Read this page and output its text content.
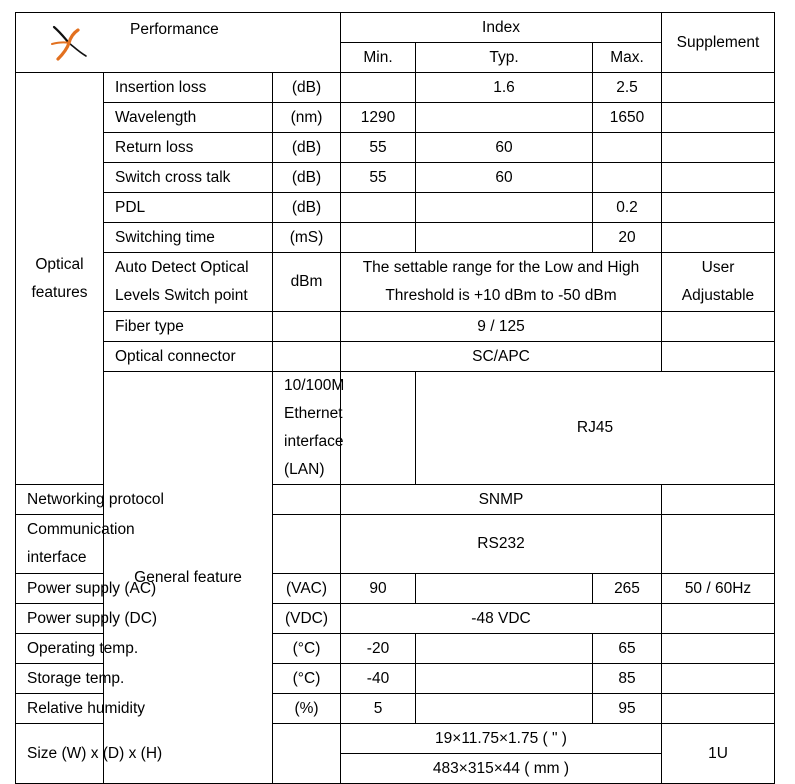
Performance			Index			Supplement	
			Min.	Typ.	Max.		
Optical features	Insertion loss	(dB)		1.6	2.5		
	Wavelength	(nm)	1290		1650		
	Return loss	(dB)	55	60			
	Switch cross talk	(dB)	55	60			
	PDL	(dB)			0.2		
	Switching time	(mS)			20		
	Auto Detect Optical Levels Switch point	dBm	The settable range for the Low and High Threshold is +10 dBm to -50 dBm			User Adjustable	
	Fiber type		9 / 125				
	Optical connector		SC/APC				
	General feature	10/100M Ethernet interface (LAN)		RJ45			
Networking protocol			SNMP				
Communication interface			RS232				
Power supply (AC)		(VAC)	90		265	50 / 60Hz	
Power supply (DC)		(VDC)	-48 VDC				
Operating temp.		(°C)	-20		65		
Storage temp.		(°C)	-40		85		
Relative humidity		(%)	5		95		
Size (W) x (D) x (H)			19×11.75×1.75 ( " )			1U	
			483×315×44 ( mm )				
